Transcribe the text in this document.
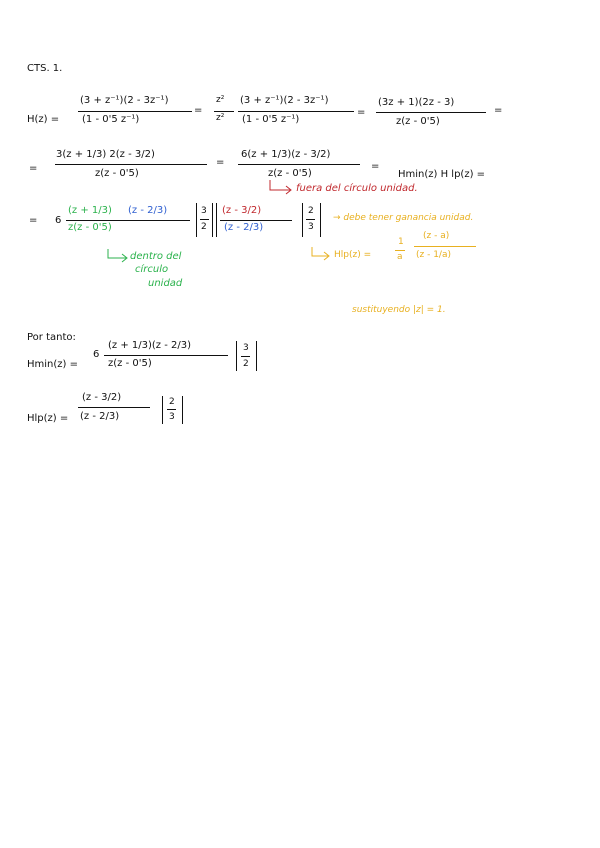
CTS. 1.
H(z) =
(3 + z⁻¹)(2 - 3z⁻¹)
(1 - 0'5 z⁻¹)
=
z²
z²
(3 + z⁻¹)(2 - 3z⁻¹)
(1 - 0'5 z⁻¹)
=
(3z + 1)(2z - 3)
z(z - 0'5)
=
=
3(z + 1/3) 2(z - 3/2)
z(z - 0'5)
=
6(z + 1/3)(z - 3/2)
z(z - 0'5)
=
Hmin(z) H lp(z) =
fuera del círculo unidad.
= 6
(z + 1/3) (z - 2/3)
z(z - 0'5)
3
2
(z - 3/2)
(z - 2/3)
2
3
→ debe tener ganancia unidad.
dentro del
círculo
unidad
Hlp(z) =
1
a
(z - a)
(z - 1/a)
sustituyendo |z| = 1.
Por tanto:
Hmin(z) =
6
(z + 1/3)(z - 2/3)
z(z - 0'5)
3
2
Hlp(z) =
(z - 3/2)
(z - 2/3)
2
3
